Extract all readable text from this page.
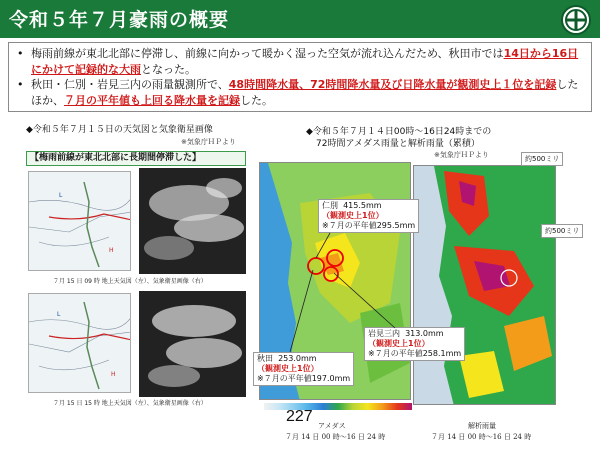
令和５年７月豪雨の概要
• 梅雨前線が東北北部に停滞し、前線に向かって暖かく湿った空気が流れ込んだため、秋田市では14日から16日にかけて記録的な大雨となった。
• 秋田・仁別・岩見三内の雨量観測所で、48時間降水量、72時間降水量及び日降水量が観測史上１位を記録したほか、７月の平年値も上回る降水量を記録した。
◆令和５年７月１５日の天気図と気象衛星画像
※気象庁ＨＰより
【梅雨前線が東北北部に長期間停滞した】
L
H
７月 15 日 09 時 地上天気図（左）、気象衛星画像（右）
L
H
７月 15 日 15 時 地上天気図（左）、気象衛星画像（右）
◆令和５年７月１４日00時～16日24時までの
72時間アメダス雨量と解析雨量（累積）
※気象庁ＨＰより	約500ミリ
約500ミリ
仁別 415.5mm
（観測史上1位）
※７月の平年値295.5mm
岩見三内 313.0mm
（観測史上1位）
※７月の平年値258.1mm
秋田 253.0mm
（観測史上1位）
※７月の平年値197.0mm
227
アメダス
７月 14 日 00 時～16 日 24 時
解析雨量
７月 14 日 00 時～16 日 24 時
